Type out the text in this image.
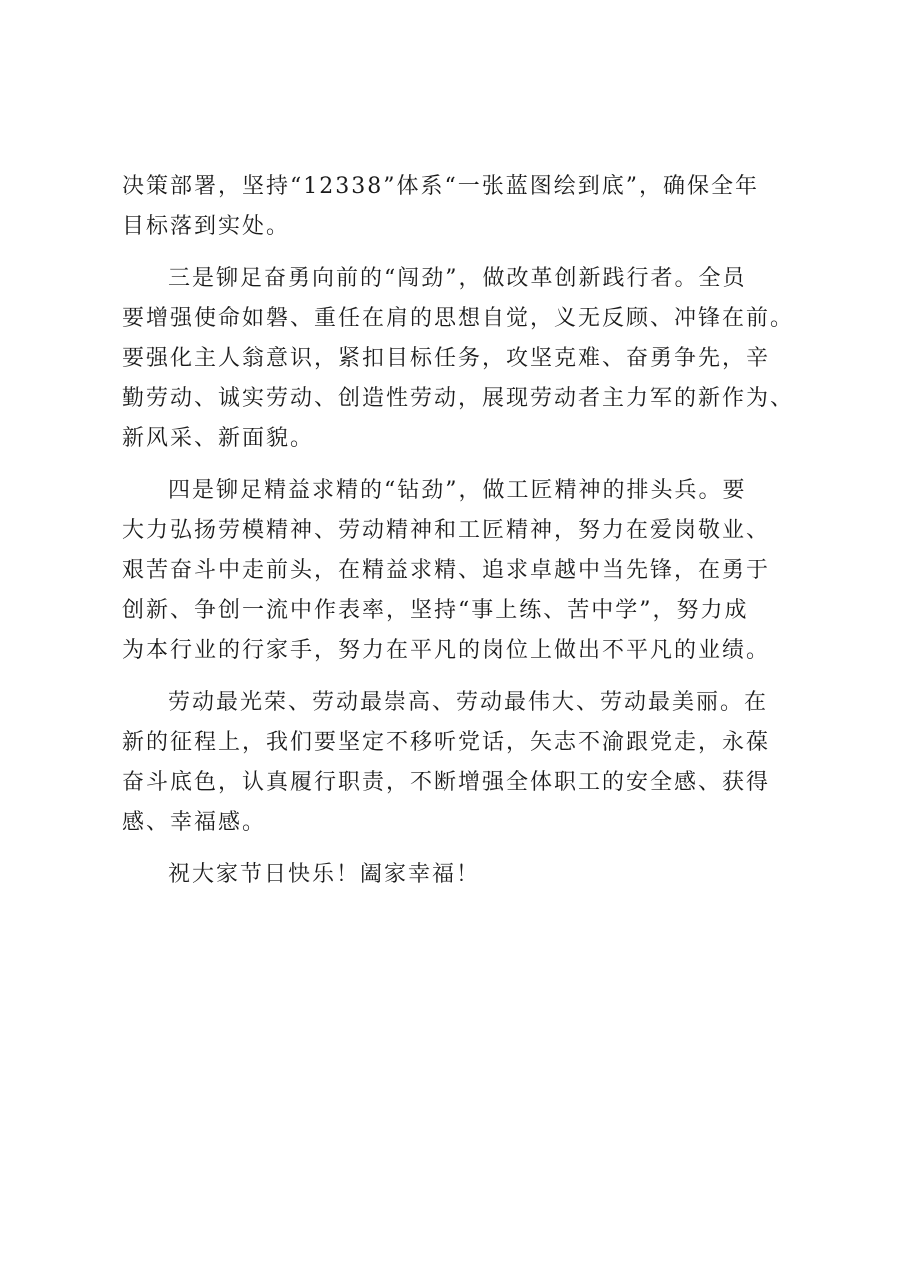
决策部署，坚持“12338”体系“一张蓝图绘到底”，确保全年
目标落到实处。
三是铆足奋勇向前的“闯劲”，做改革创新践行者。全员
要增强使命如磐、重任在肩的思想自觉，义无反顾、冲锋在前。
要强化主人翁意识，紧扣目标任务，攻坚克难、奋勇争先，辛
勤劳动、诚实劳动、创造性劳动，展现劳动者主力军的新作为、
新风采、新面貌。
四是铆足精益求精的“钻劲”，做工匠精神的排头兵。要
大力弘扬劳模精神、劳动精神和工匠精神，努力在爱岗敬业、
艰苦奋斗中走前头，在精益求精、追求卓越中当先锋，在勇于
创新、争创一流中作表率，坚持“事上练、苦中学”，努力成
为本行业的行家手，努力在平凡的岗位上做出不平凡的业绩。
劳动最光荣、劳动最崇高、劳动最伟大、劳动最美丽。在
新的征程上，我们要坚定不移听党话，矢志不渝跟党走，永葆
奋斗底色，认真履行职责，不断增强全体职工的安全感、获得
感、幸福感。
祝大家节日快乐！阖家幸福！
